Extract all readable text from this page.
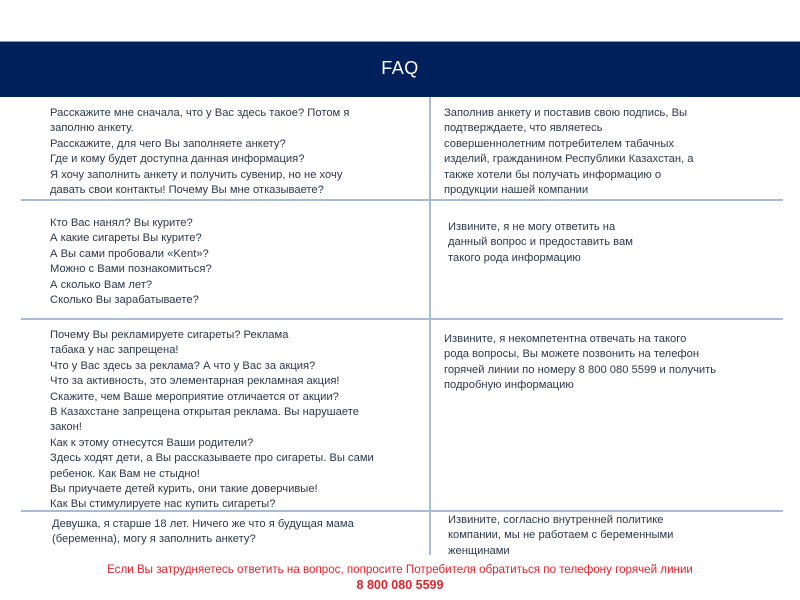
FAQ
Расскажите мне сначала, что у Вас здесь такое? Потом я
заполню анкету.
Расскажите, для чего Вы заполняете анкету?
Где и кому будет доступна данная информация?
Я хочу заполнить анкету и получить сувенир, но не хочу
давать свои контакты! Почему Вы мне отказываете?
Заполнив анкету и поставив свою подпись, Вы
подтверждаете, что являетесь
совершеннолетним потребителем табачных
изделий, гражданином Республики Казахстан, а
также хотели бы получать информацию о
продукции нашей компании
Кто Вас нанял? Вы курите?
А какие сигареты Вы курите?
А Вы сами пробовали «Kent»?
Можно с Вами познакомиться?
А сколько Вам лет?
Сколько Вы зарабатываете?
Извините, я не могу ответить на
данный вопрос и предоставить вам
такого рода информацию
Почему Вы рекламируете сигареты? Реклама
табака у нас запрещена!
Что у Вас здесь за реклама? А что у Вас за акция?
Что за активность, это элементарная рекламная акция!
Скажите, чем Ваше мероприятие отличается от акции?
В Казахстане запрещена открытая реклама. Вы нарушаете
закон!
Как к этому отнесутся Ваши родители?
Здесь ходят дети, а Вы рассказываете про сигареты. Вы сами
ребенок. Как Вам не стыдно!
Вы приучаете детей курить, они такие доверчивые!
Как Вы стимулируете нас купить сигареты?
Извините, я некомпетентна отвечать на такого
рода вопросы, Вы можете позвонить на телефон
горячей линии по номеру 8 800 080 5599 и получить
подробную информацию
Девушка, я старше 18 лет. Ничего же что я будущая мама
(беременна), могу я заполнить анкету?
Извините, согласно внутренней политике
компании, мы не работаем с беременными
женщинами
Если Вы затрудняетесь ответить на вопрос, попросите Потребителя обратиться по телефону горячей линии
8 800 080 5599
